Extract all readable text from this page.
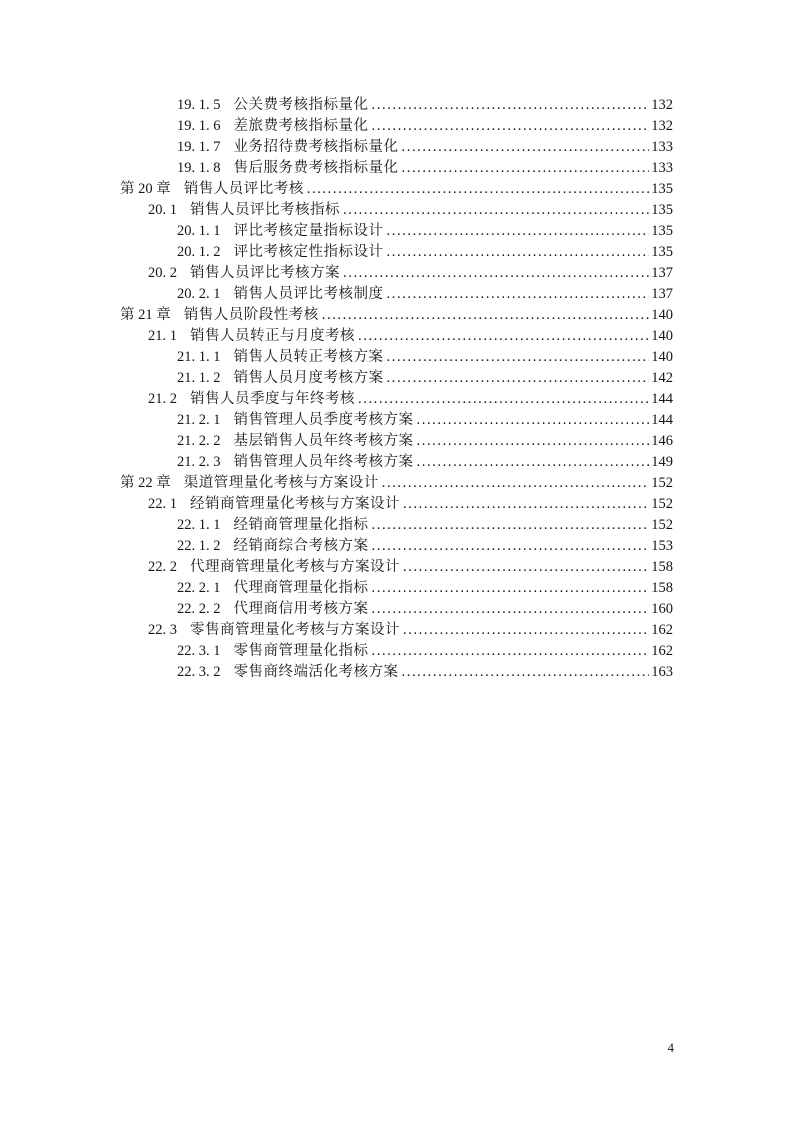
19. 1. 5 公关费考核指标量化 .....	132
19. 1. 6 差旅费考核指标量化 .....	132
19. 1. 7 业务招待费考核指标量化 .....	133
19. 1. 8 售后服务费考核指标量化 .....	133
第 20 章 销售人员评比考核 .....	135
20. 1 销售人员评比考核指标 .....	135
20. 1. 1 评比考核定量指标设计 .....	135
20. 1. 2 评比考核定性指标设计 .....	135
20. 2 销售人员评比考核方案 .....	137
20. 2. 1 销售人员评比考核制度 .....	137
第 21 章 销售人员阶段性考核 .....	140
21. 1 销售人员转正与月度考核 .....	140
21. 1. 1 销售人员转正考核方案 .....	140
21. 1. 2 销售人员月度考核方案 .....	142
21. 2 销售人员季度与年终考核 .....	144
21. 2. 1 销售管理人员季度考核方案 .....	144
21. 2. 2 基层销售人员年终考核方案 .....	146
21. 2. 3 销售管理人员年终考核方案 .....	149
第 22 章 渠道管理量化考核与方案设计 .....	152
22. 1 经销商管理量化考核与方案设计 .....	152
22. 1. 1 经销商管理量化指标 .....	152
22. 1. 2 经销商综合考核方案 .....	153
22. 2 代理商管理量化考核与方案设计 .....	158
22. 2. 1 代理商管理量化指标 .....	158
22. 2. 2 代理商信用考核方案 .....	160
22. 3 零售商管理量化考核与方案设计 .....	162
22. 3. 1 零售商管理量化指标 .....	162
22. 3. 2 零售商终端活化考核方案 .....	163
4
